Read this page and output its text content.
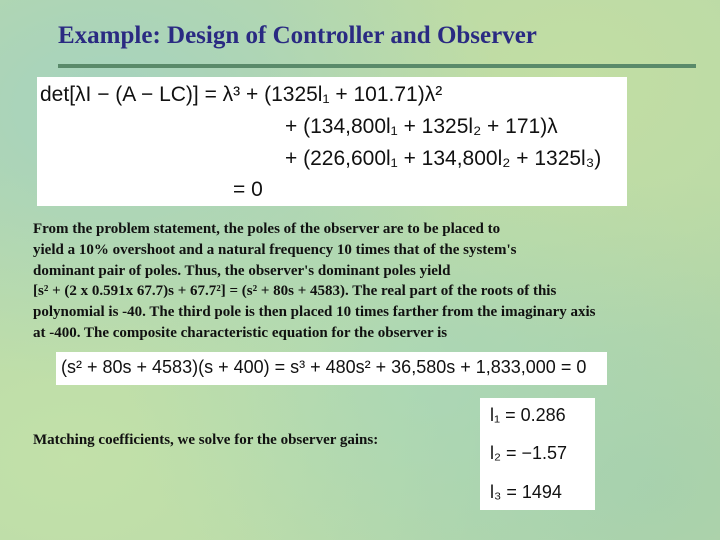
Example: Design of Controller and Observer
det[λI − (A − LC)] = λ³ + (1325l₁ + 101.71)λ²
+ (134,800l₁ + 1325l₂ + 171)λ
+ (226,600l₁ + 134,800l₂ + 1325l₃)
= 0
From the problem statement, the poles of the observer are to be placed to
yield a 10% overshoot and a natural frequency 10 times that of the system's
dominant pair of poles. Thus, the observer's dominant poles yield
[s² + (2 x 0.591x 67.7)s + 67.7²] = (s² + 80s + 4583). The real part of the roots of this
polynomial is -40. The third pole is then placed 10 times farther from the imaginary axis
at -400. The composite characteristic equation for the observer is
(s² + 80s + 4583)(s + 400) = s³ + 480s² + 36,580s + 1,833,000 = 0
Matching coefficients, we solve for the observer gains:
l₁ = 0.286
l₂ = −1.57
l₃ = 1494
